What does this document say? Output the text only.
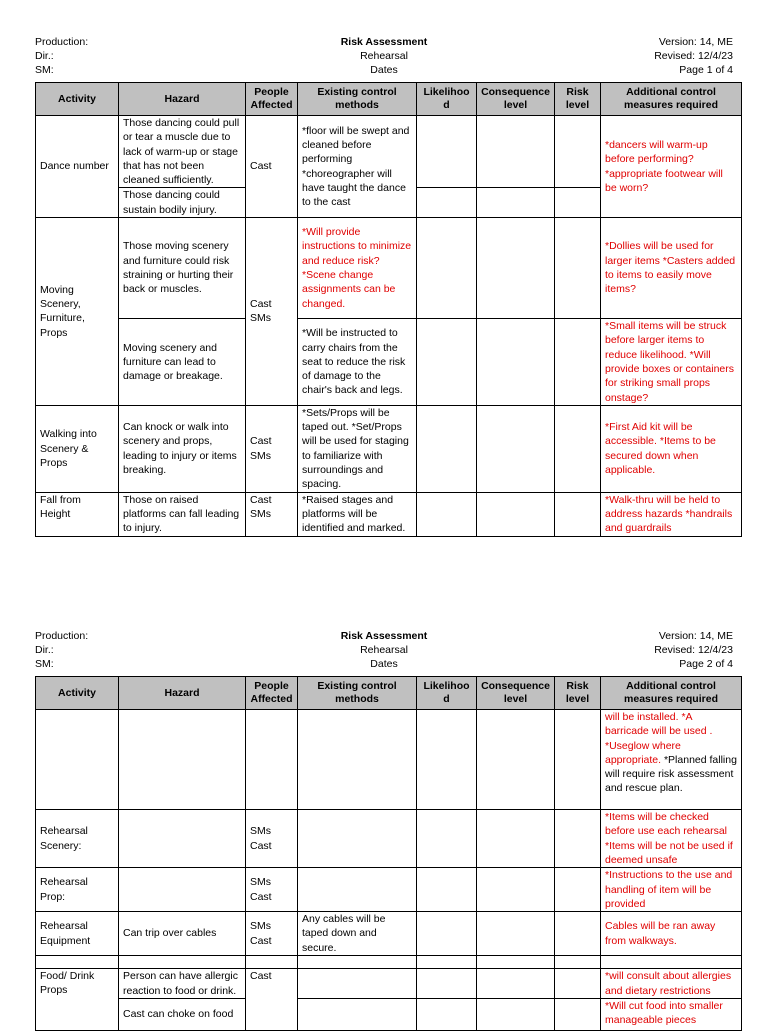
Production:
Dir.:
SM:
Risk Assessment
Rehearsal
Dates
Version: 14, ME
Revised: 12/4/23
Page 1 of 4
Activity	Hazard	People Affected	Existing control methods	Likelihoo d	Consequence level	Risk level	Additional control measures required
Dance number	Those dancing could pull or tear a muscle due to lack of warm-up or stage that has not been cleaned sufficiently.	Cast	*floor will be swept and cleaned before performing *choreographer will have taught the dance to the cast				*dancers will warm-up before performing? *appropriate footwear will be worn?
	Those dancing could sustain bodily injury.						
Moving Scenery, Furniture, Props	Those moving scenery and furniture could risk straining or hurting their back or muscles.	Cast SMs	*Will provide instructions to minimize and reduce risk? *Scene change assignments can be changed.				*Dollies will be used for larger items *Casters added to items to easily move items?
	Moving scenery and furniture can lead to damage or breakage.		*Will be instructed to carry chairs from the seat to reduce the risk of damage to the chair's back and legs.				*Small items will be struck before larger items to reduce likelihood. *Will provide boxes or containers for striking small props onstage?
Walking into Scenery & Props	Can knock or walk into scenery and props, leading to injury or items breaking.	Cast SMs	*Sets/Props will be taped out. *Set/Props will be used for staging to familiarize with surroundings and spacing.				*First Aid kit will be accessible. *Items to be secured down when applicable.
Fall from Height	Those on raised platforms can fall leading to injury.	Cast SMs	*Raised stages and platforms will be identified and marked.				*Walk-thru will be held to address hazards *handrails and guardrails
Production:
Dir.:
SM:
Risk Assessment
Rehearsal
Dates
Version: 14, ME
Revised: 12/4/23
Page 2 of 4
Activity	Hazard	People Affected	Existing control methods	Likelihoo d	Consequence level	Risk level	Additional control measures required
							will be installed. *A barricade will be used . *Useglow where appropriate. *Planned falling will require risk assessment and rescue plan.
Rehearsal Scenery:		SMs Cast					*Items will be checked before use each rehearsal *Items will be not be used if deemed unsafe
Rehearsal Prop:		SMs Cast					*Instructions to the use and handling of item will be provided
Rehearsal Equipment	Can trip over cables	SMs Cast	Any cables will be taped down and secure.				Cables will be ran away from walkways.

Food/ Drink Props	Person can have allergic reaction to food or drink.	Cast					*will consult about allergies and dietary restrictions
	Cast can choke on food						*Will cut food into smaller manageable pieces
